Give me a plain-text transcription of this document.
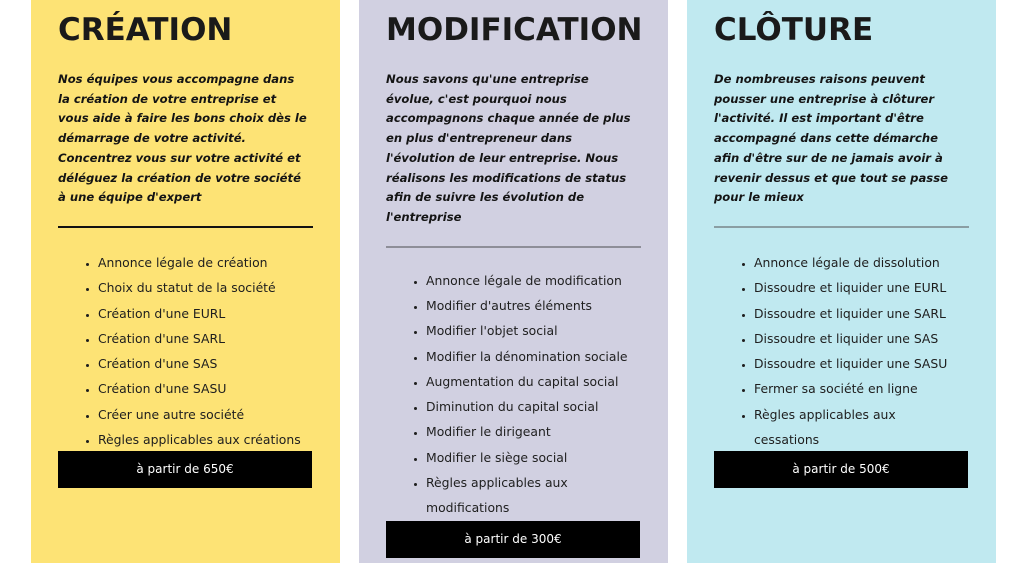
CRÉATION

Nos équipes vous accompagne dans la création de votre entreprise et vous aide à faire les bons choix dès le démarrage de votre activité. Concentrez vous sur votre activité et déléguez la création de votre société à une équipe d'expert

• Annonce légale de création
• Choix du statut de la société
• Création d'une EURL
• Création d'une SARL
• Création d'une SAS
• Création d'une SASU
• Créer une autre société
• Règles applicables aux créations
à partir de 650€
MODIFICATION

Nous savons qu'une entreprise évolue, c'est pourquoi nous accompagnons chaque année de plus en plus d'entrepreneur dans l'évolution de leur entreprise. Nous réalisons les modifications de status afin de suivre les évolution de l'entreprise

• Annonce légale de modification
• Modifier d'autres éléments
• Modifier l'objet social
• Modifier la dénomination sociale
• Augmentation du capital social
• Diminution du capital social
• Modifier le dirigeant
• Modifier le siège social
• Règles applicables aux modifications
à partir de 300€
CLÔTURE

De nombreuses raisons peuvent pousser une entreprise à clôturer l'activité. Il est important d'être accompagné dans cette démarche afin d'être sur de ne jamais avoir à revenir dessus et que tout se passe pour le mieux

• Annonce légale de dissolution
• Dissoudre et liquider une EURL
• Dissoudre et liquider une SARL
• Dissoudre et liquider une SAS
• Dissoudre et liquider une SASU
• Fermer sa société en ligne
• Règles applicables aux cessations
à partir de 500€
